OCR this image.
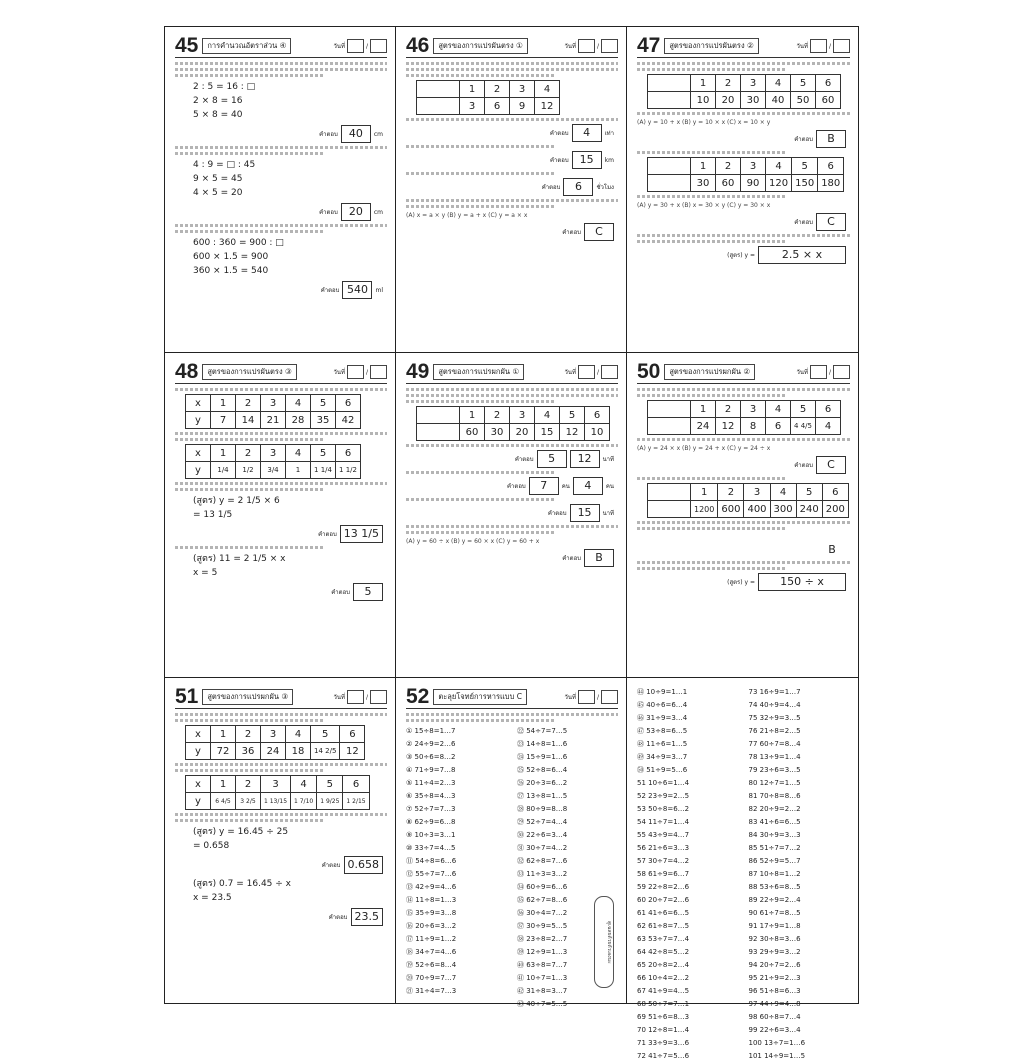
45	การคำนวณอัตราส่วน ④	วันที่	/
2 : 5 = 16 : □
2 × 8 = 16
5 × 8 = 40
คำตอบ	40	cm
4 : 9 = □ : 45
9 × 5 = 45
4 × 5 = 20
คำตอบ	20	cm
600 : 360 = 900 : □
600 × 1.5 = 900
360 × 1.5 = 540
คำตอบ 540	ml
46	สูตรของการแปรผันตรง ①	วันที่	/
	1	2	3	4
	3	6	9	12
คำตอบ	4	เท่า
คำตอบ	15	km
คำตอบ	6	ชั่วโมง
(A) x = a × y (B) y = a + x (C) y = a × x
คำตอบ	C
47	สูตรของการแปรผันตรง ②	วันที่	/
	1	2	3	4	5	6
	10	20	30	40	50	60
(A) y = 10 + x (B) y = 10 × x (C) x = 10 × y
คำตอบ	B
	1	2	3	4	5	6
	30	60	90	120	150	180
(A) y = 30 + x (B) x = 30 × y (C) y = 30 × x
คำตอบ	C
(สูตร) y =	2.5 × x
48	สูตรของการแปรผันตรง ③	วันที่	/
x	1	2	3	4	5	6
y	7	14	21	28	35	42
x	1	2	3	4	5	6
y	1/4	1/2	3/4	1	1 1/4	1 1/2
(สูตร) y = 2 1/5 × 6
= 13 1/5
คำตอบ 13 1/5
(สูตร) 11 = 2 1/5 × x
x = 5
คำตอบ	5
49	สูตรของการแปรผกผัน ①	วันที่	/
	1	2	3	4	5	6
	60	30	20	15	12	10
คำตอบ	5	12	นาที
คำตอบ	7	คน	4	คน
คำตอบ	15	นาที
(A) y = 60 ÷ x (B) y = 60 × x (C) y = 60 + x
คำตอบ	B
50	สูตรของการแปรผกผัน ②	วันที่	/
	1	2	3	4	5	6
	24	12	8	6	4 4/5	4
(A) y = 24 × x (B) y = 24 + x (C) y = 24 ÷ x
คำตอบ	C
	1	2	3	4	5	6
	1200	600	400	300	240	200
B
(สูตร) y =	150 ÷ x
51	สูตรของการแปรผกผัน ③	วันที่	/
x	1	2	3	4	5	6
y	72	36	24	18	14 2/5	12
x	1	2	3	4	5	6
y	6 4/5	3 2/5	1 13/15	1 7/10	1 9/25	1 2/15
(สูตร) y = 16.45 ÷ 25
= 0.658
คำตอบ 0.658
(สูตร) 0.7 = 16.45 ÷ x
x = 23.5
คำตอบ 23.5
52	ตะลุยโจทย์การหารแบบ C	วันที่	/
① 15÷8=1…7	㉒ 54÷7=7…5
② 24÷9=2…6	㉓ 14÷8=1…6
③ 50÷6=8…2	㉔ 15÷9=1…6
④ 71÷9=7…8	㉕ 52÷8=6…4
⑤ 11÷4=2…3	㉖ 20÷3=6…2
⑥ 35÷8=4…3	㉗ 13÷8=1…5
⑦ 52÷7=7…3	㉘ 80÷9=8…8
⑧ 62÷9=6…8	㉙ 52÷7=4…4
⑨ 10÷3=3…1	㉚ 22÷6=3…4
⑩ 33÷7=4…5	㉛ 30÷7=4…2
⑪ 54÷8=6…6	㉜ 62÷8=7…6
⑫ 55÷7=7…6	㉝ 11÷3=3…2
⑬ 42÷9=4…6	㉞ 60÷9=6…6
⑭ 11÷8=1…3	㉟ 62÷7=8…6
⑮ 35÷9=3…8	㊱ 30÷4=7…2
⑯ 20÷6=3…2	㊲ 30÷9=5…5
⑰ 11÷9=1…2	㊳ 23÷8=2…7
⑱ 34÷7=4…6	㊴ 12÷9=1…3
⑲ 52÷6=8…4	㊵ 63÷8=7…7
⑳ 70÷9=7…7	㊶ 10÷7=1…3
㉑ 31÷4=7…3	㊷ 31÷8=3…7
㊸ 40÷7=5…5
ดูเฉลยด้วยตัวเองนะ
㊹ 10÷9=1…1	73 16÷9=1…7
㊺ 40÷6=6…4	74 40÷9=4…4
㊻ 31÷9=3…4	75 32÷9=3…5
㊼ 53÷8=6…5	76 21÷8=2…5
㊽ 11÷6=1…5	77 60÷7=8…4
㊾ 34÷9=3…7	78 13÷9=1…4
㊿ 51÷9=5…6	79 23÷6=3…5
51 10÷6=1…4	80 12÷7=1…5
52 23÷9=2…5	81 70÷8=8…6
53 50÷8=6…2	82 20÷9=2…2
54 11÷7=1…4	83 41÷6=6…5
55 43÷9=4…7	84 30÷9=3…3
56 21÷6=3…3	85 51÷7=7…2
57 30÷7=4…2	86 52÷9=5…7
58 61÷9=6…7	87 10÷8=1…2
59 22÷8=2…6	88 53÷6=8…5
60 20÷7=2…6	89 22÷9=2…4
61 41÷6=6…5	90 61÷7=8…5
62 61÷8=7…5	91 17÷9=1…8
63 53÷7=7…4	92 30÷8=3…6
64 42÷8=5…2	93 29÷9=3…2
65 20÷8=2…4	94 20÷7=2…6
66 10÷4=2…2	95 21÷9=2…3
67 41÷9=4…5	96 51÷8=6…3
68 50÷7=7…1	97 44÷9=4…8
69 51÷6=8…3	98 60÷8=7…4
70 12÷8=1…4	99 22÷6=3…4
71 33÷9=3…6	100 13÷7=1…6
72 41÷7=5…6	101 14÷9=1…5
